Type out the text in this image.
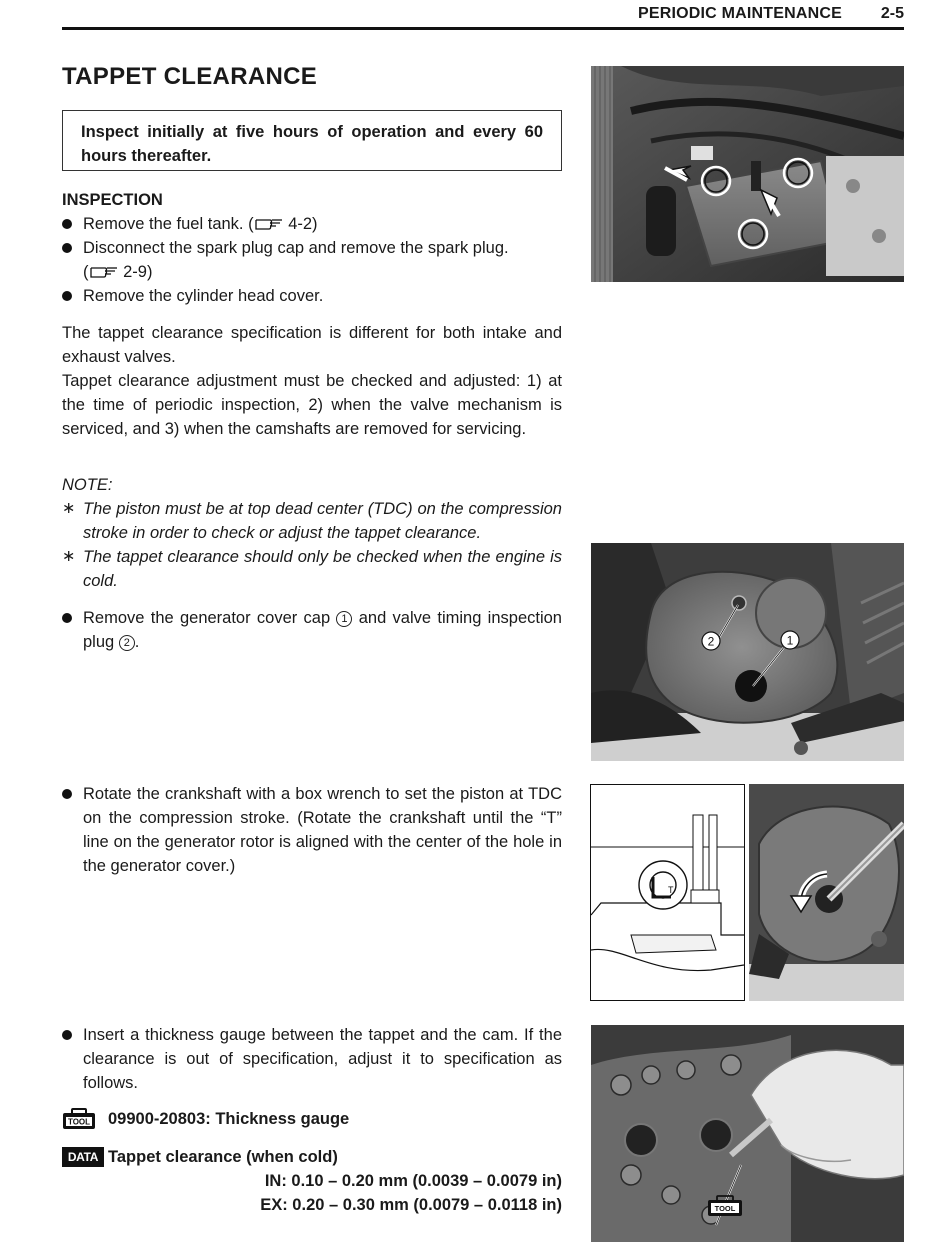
PERIODIC MAINTENANCE 2-5
TAPPET CLEARANCE
Inspect initially at five hours of operation and every 60 hours thereafter.
INSPECTION
Remove the fuel tank. ( 4-2)
Disconnect the spark plug cap and remove the spark plug.
( 2-9)
Remove the cylinder head cover.
The tappet clearance specification is different for both intake and exhaust valves.
Tappet clearance adjustment must be checked and adjusted: 1) at the time of periodic inspection, 2) when the valve mechanism is serviced, and 3) when the camshafts are removed for servicing.
NOTE:
∗ The piston must be at top dead center (TDC) on the compression stroke in order to check or adjust the tappet clearance.
∗ The tappet clearance should only be checked when the engine is cold.
Remove the generator cover cap 1 and valve timing inspection plug 2 .
Rotate the crankshaft with a box wrench to set the piston at TDC on the compression stroke. (Rotate the crankshaft until the “T” line on the generator rotor is aligned with the center of the hole in the generator cover.)
Insert a thickness gauge between the tappet and the cam. If the clearance is out of specification, adjust it to specification as follows.
TOOL 09900-20803: Thickness gauge
DATA Tappet clearance (when cold)
IN: 0.10 – 0.20 mm (0.0039 – 0.0079 in)
EX: 0.20 – 0.30 mm (0.0079 – 0.0118 in)
2	1
T
TOOL
